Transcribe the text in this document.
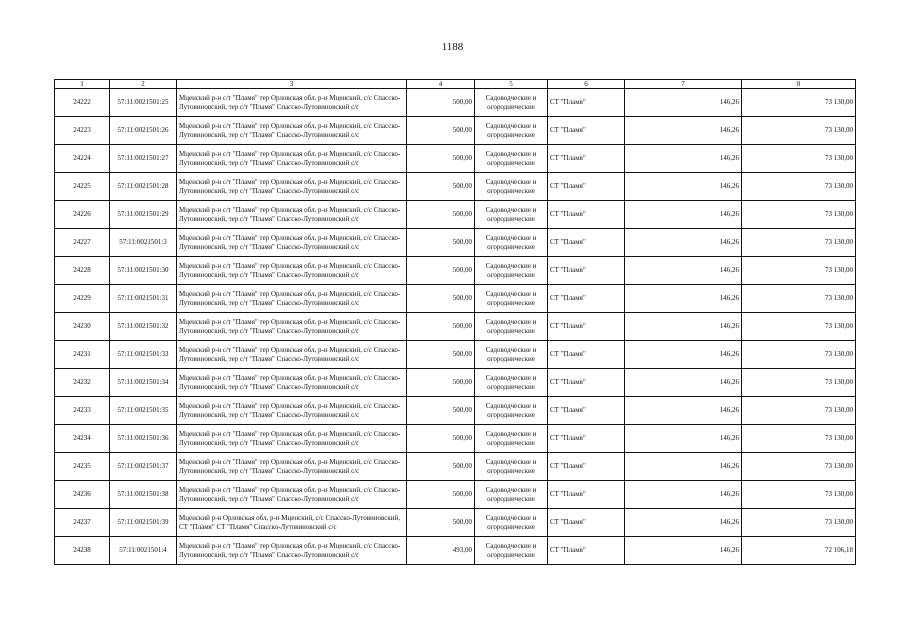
1188
1	2	3	4	5	6	7	8
24222	57:11:0021501:25	Мценский р-н с/т "Пламя" тер Орловская обл, р-н Мценский, с/с Спасско-Лутовиновский, тер с/т "Пламя" Спасско-Лутовиновский с/с	500,00	Садоводческие и огороднические	СТ "Пламя"	146,26	73 130,00
24223	57:11:0021501:26	Мценский р-н с/т "Пламя" тер Орловская обл, р-н Мценский, с/с Спасско-Лутовиновский, тер с/т "Пламя" Спасско-Лутовиновский с/с	500,00	Садоводческие и огороднические	СТ "Пламя"	146,26	73 130,00
24224	57:11:0021501:27	Мценский р-н с/т "Пламя" тер Орловская обл, р-н Мценский, с/с Спасско-Лутовиновский, тер с/т "Пламя" Спасско-Лутовиновский с/с	500,00	Садоводческие и огороднические	СТ "Пламя"	146,26	73 130,00
24225	57:11:0021501:28	Мценский р-н с/т "Пламя" тер Орловская обл, р-н Мценский, с/с Спасско-Лутовиновский, тер с/т "Пламя" Спасско-Лутовиновский с/с	500,00	Садоводческие и огороднические	СТ "Пламя"	146,26	73 130,00
24226	57:11:0021501:29	Мценский р-н с/т "Пламя" тер Орловская обл, р-н Мценский, с/с Спасско-Лутовиновский, тер с/т "Пламя" Спасско-Лутовиновский с/с	500,00	Садоводческие и огороднические	СТ "Пламя"	146,26	73 130,00
24227	57:11:0021501:3	Мценский р-н с/т "Пламя" тер Орловская обл, р-н Мценский, с/с Спасско-Лутовиновский, тер с/т "Пламя" Спасско-Лутовиновский с/с	500,00	Садоводческие и огороднические	СТ "Пламя"	146,26	73 130,00
24228	57:11:0021501:30	Мценский р-н с/т "Пламя" тер Орловская обл, р-н Мценский, с/с Спасско-Лутовиновский, тер с/т "Пламя" Спасско-Лутовиновский с/с	500,00	Садоводческие и огороднические	СТ "Пламя"	146,26	73 130,00
24229	57:11:0021501:31	Мценский р-н с/т "Пламя" тер Орловская обл, р-н Мценский, с/с Спасско-Лутовиновский, тер с/т "Пламя" Спасско-Лутовиновский с/с	500,00	Садоводческие и огороднические	СТ "Пламя"	146,26	73 130,00
24230	57:11:0021501:32	Мценский р-н с/т "Пламя" тер Орловская обл, р-н Мценский, с/с Спасско-Лутовиновский, тер с/т "Пламя" Спасско-Лутовиновский с/с	500,00	Садоводческие и огороднические	СТ "Пламя"	146,26	73 130,00
24231	57:11:0021501:33	Мценский р-н с/т "Пламя" тер Орловская обл, р-н Мценский, с/с Спасско-Лутовиновский, тер с/т "Пламя" Спасско-Лутовиновский с/с	500,00	Садоводческие и огороднические	СТ "Пламя"	146,26	73 130,00
24232	57:11:0021501:34	Мценский р-н с/т "Пламя" тер Орловская обл, р-н Мценский, с/с Спасско-Лутовиновский, тер с/т "Пламя" Спасско-Лутовиновский с/с	500,00	Садоводческие и огороднические	СТ "Пламя"	146,26	73 130,00
24233	57:11:0021501:35	Мценский р-н с/т "Пламя" тер Орловская обл, р-н Мценский, с/с Спасско-Лутовиновский, тер с/т "Пламя" Спасско-Лутовиновский с/с	500,00	Садоводческие и огороднические	СТ "Пламя"	146,26	73 130,00
24234	57:11:0021501:36	Мценский р-н с/т "Пламя" тер Орловская обл, р-н Мценский, с/с Спасско-Лутовиновский, тер с/т "Пламя" Спасско-Лутовиновский с/с	500,00	Садоводческие и огороднические	СТ "Пламя"	146,26	73 130,00
24235	57:11:0021501:37	Мценский р-н с/т "Пламя" тер Орловская обл, р-н Мценский, с/с Спасско-Лутовиновский, тер с/т "Пламя" Спасско-Лутовиновский с/с	500,00	Садоводческие и огороднические	СТ "Пламя"	146,26	73 130,00
24236	57:11:0021501:38	Мценский р-н с/т "Пламя" тер Орловская обл, р-н Мценский, с/с Спасско-Лутовиновский, тер с/т "Пламя" Спасско-Лутовиновский с/с	500,00	Садоводческие и огороднические	СТ "Пламя"	146,26	73 130,00
24237	57:11:0021501:39	Мценский р-н Орловская обл, р-н Мценский, с/с Спасско-Лутовиновский, СТ "Пламя" СТ "Пламя" Спасско-Лутовиновский с/с	500,00	Садоводческие и огороднические	СТ "Пламя"	146,26	73 130,00
24238	57:11:0021501:4	Мценский р-н с/т "Пламя" тер Орловская обл, р-н Мценский, с/с Спасско-Лутовиновский, тер с/т "Пламя" Спасско-Лутовиновский с/с	493,00	Садоводческие и огороднические	СТ "Пламя"	146,26	72 106,18
